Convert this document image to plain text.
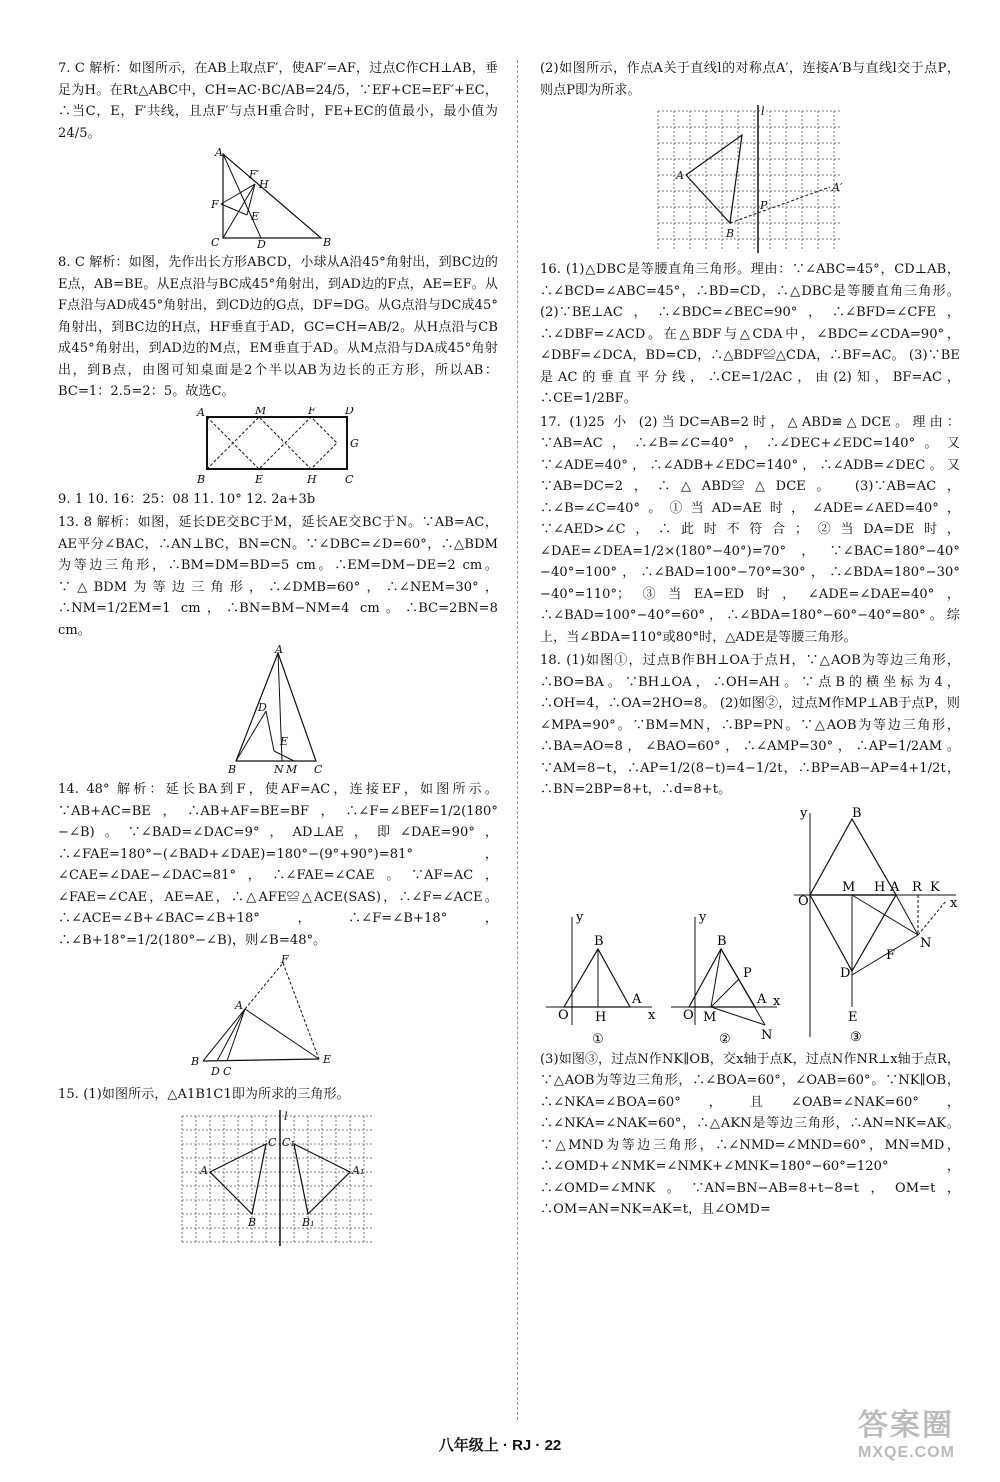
7. C 解析：如图所示，在AB上取点F′，使AF′=AF，过点C作CH⊥AB，垂足为H。在Rt△ABC中，CH=AC·BC/AB=24/5，∵EF+CE=EF′+EC，∴当C，E，F′共线，且点F′与点H重合时，FE+EC的值最小，最小值为24/5。

A
F′
H
F
E
C	D	B

8. C 解析：如图，先作出长方形ABCD，小球从A沿45°角射出，到BC边的E点，AB=BE。从E点沿与BC成45°角射出，到AD边的F点，AE=EF。从F点沿与AD成45°角射出，到CD边的G点，DF=DG。从G点沿与DC成45°角射出，到BC边的H点，HF垂直于AD，GC=CH=AB/2。从H点沿与CB成45°角射出，到AD边的M点，EM垂直于AD。从M点沿与DA成45°角射出，到B点，由图可知桌面是2个半以AB为边长的正方形，所以AB：BC=1：2.5=2：5。故选C。

A	M	F	D
G
B	E	H	C

9. 1 10. 16：25：08 11. 10° 12. 2a+3b

13. 8 解析：如图，延长DE交BC于M，延长AE交BC于N。∵AB=AC，AE平分∠BAC，∴AN⊥BC，BN=CN。∵∠DBC=∠D=60°，∴△BDM为等边三角形，∴BM=DM=BD=5 cm。∴EM=DM−DE=2 cm。∵△BDM为等边三角形，∴∠DMB=60°，∴∠NEM=30°，∴NM=1/2EM=1 cm，∴BN=BM−NM=4 cm。∴BC=2BN=8 cm。

A
D
E
B	N M C

14. 48° 解析：延长BA到F，使AF=AC，连接EF，如图所示。∵AB+AC=BE，∴AB+AF=BE=BF，∴∠F=∠BEF=1/2(180°−∠B)。∵∠BAD=∠DAC=9°，AD⊥AE，即∠DAE=90°，∴∠FAE=180°−(∠BAD+∠DAE)=180°−(9°+90°)=81°，∠CAE=∠DAE−∠DAC=81°，∴∠FAE=∠CAE。∵AF=AC，∠FAE=∠CAE，AE=AE，∴△AFE≌△ACE(SAS)，∴∠F=∠ACE。∴∠ACE=∠B+∠BAC=∠B+18°，∴∠F=∠B+18°，∴∠B+18°=1/2(180°−∠B)，则∠B=48°。

F
A
B
D C
E

15. (1)如图所示，△A1B1C1即为所求的三角形。

l
A
B
C
A₁
B₁
C₁

(2)如图所示，作点A关于直线l的对称点A′，连接A′B与直线l交于点P，则点P即为所求。

l
A
B
P
A′

16. (1)△DBC是等腰直角三角形。理由：∵∠ABC=45°，CD⊥AB，∴∠BCD=∠ABC=45°，∴BD=CD，∴△DBC是等腰直角三角形。 (2)∵BE⊥AC，∴∠BDC=∠BEC=90°，∴∠BFD=∠CFE，∴∠DBF=∠ACD。在△BDF与△CDA中，∠BDC=∠CDA=90°，∠DBF=∠DCA，BD=CD，∴△BDF≌△CDA，∴BF=AC。 (3)∵BE是AC的垂直平分线，∴CE=1/2AC，由(2)知，BF=AC，∴CE=1/2BF。

17. (1)25 小 (2)当DC=AB=2时，△ABD≌△DCE。理由：∵AB=AC，∴∠B=∠C=40°，∴∠DEC+∠EDC=140°。又∵∠ADE=40°，∴∠ADB+∠EDC=140°，∴∠ADB=∠DEC。又∵AB=DC=2，∴△ABD≌△DCE。 (3)∵AB=AC，∴∠B=∠C=40°。①当AD=AE时，∠ADE=∠AED=40°，∵∠AED>∠C，∴此时不符合；②当DA=DE时，∠DAE=∠DEA=1/2×(180°−40°)=70°，∵∠BAC=180°−40°−40°=100°，∴∠BAD=100°−70°=30°，∴∠BDA=180°−30°−40°=110°；③当EA=ED时，∠ADE=∠DAE=40°，∴∠BAD=100°−40°=60°，∴∠BDA=180°−60°−40°=80°。综上，当∠BDA=110°或80°时，△ADE是等腰三角形。

18. (1)如图①，过点B作BH⊥OA于点H，∵△AOB为等边三角形，∴BO=BA。∵BH⊥OA，∴OH=AH。∵点B的横坐标为4，∴OH=4，∴OA=2HO=8。 (2)如图②，过点M作MP⊥AB于点P，则∠MPA=90°。∵BM=MN，∴BP=PN。∵△AOB为等边三角形，∴BA=AO=8，∠BAO=60°，∴∠AMP=30°，∴AP=1/2AM。∵AM=8−t，∴AP=1/2(8−t)=4−1/2t，∴BP=AB−AP=4+1/2t，∴BN=2BP=8+t，∴d=8+t。

y
x
O
B
H
A
①
y
x
O
B
M
P
A
N
②
y
x
O
B
M H A R K
N
F
D
E
③

(3)如图③，过点N作NK∥OB，交x轴于点K，过点N作NR⊥x轴于点R，∵△AOB为等边三角形，∴∠BOA=60°，∠OAB=60°。∵NK∥OB，∴∠NKA=∠BOA=60°，且∠OAB=∠NAK=60°，∴∠NKA=∠NAK=60°，∴△AKN是等边三角形，∴AN=NK=AK。∵△MND为等边三角形，∴∠NMD=∠MND=60°，MN=MD，∴∠OMD+∠NMK=∠NMK+∠MNK=180°−60°=120°，∴∠OMD=∠MNK。∵AN=BN−AB=8+t−8=t，OM=t，∴OM=AN=NK=AK=t，且∠OMD=

八年级上 · RJ · 22
答案圈
MXQE.COM
